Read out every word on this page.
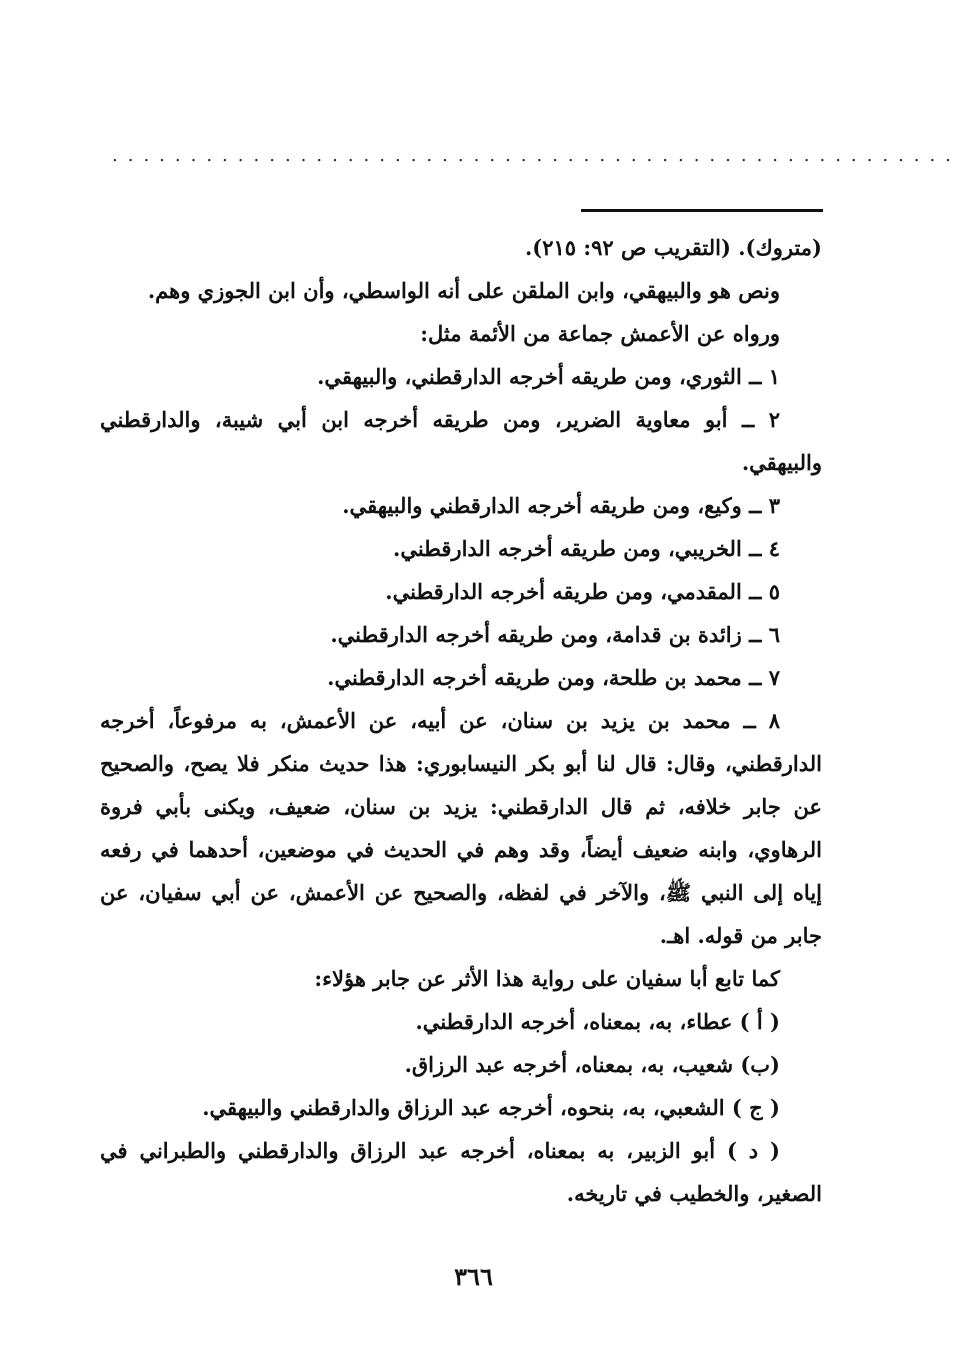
......................................................
(متروك). (التقريب ص ٩٢: ٢١٥).
ونص هو والبيهقي، وابن الملقن على أنه الواسطي، وأن ابن الجوزي وهم.
ورواه عن الأعمش جماعة من الأئمة مثل:
١ ــ الثوري، ومن طريقه أخرجه الدارقطني، والبيهقي.
٢ ــ أبو معاوية الضرير، ومن طريقه أخرجه ابن أبي شيبة، والدارقطني
والبيهقي.
٣ ــ وكيع، ومن طريقه أخرجه الدارقطني والبيهقي.
٤ ــ الخريبي، ومن طريقه أخرجه الدارقطني.
٥ ــ المقدمي، ومن طريقه أخرجه الدارقطني.
٦ ــ زائدة بن قدامة، ومن طريقه أخرجه الدارقطني.
٧ ــ محمد بن طلحة، ومن طريقه أخرجه الدارقطني.
٨ ــ محمد بن يزيد بن سنان، عن أبيه، عن الأعمش، به مرفوعاً، أخرجه
الدارقطني، وقال: قال لنا أبو بكر النيسابوري: هذا حديث منكر فلا يصح، والصحيح
عن جابر خلافه، ثم قال الدارقطني: يزيد بن سنان، ضعيف، ويكنى بأبي فروة
الرهاوي، وابنه ضعيف أيضاً، وقد وهم في الحديث في موضعين، أحدهما في رفعه
إياه إلى النبي ﷺ، والآخر في لفظه، والصحيح عن الأعمش، عن أبي سفيان، عن
جابر من قوله. اهـ.
كما تابع أبا سفيان على رواية هذا الأثر عن جابر هؤلاء:
( أ ) عطاء، به، بمعناه، أخرجه الدارقطني.
(ب) شعيب، به، بمعناه، أخرجه عبد الرزاق.
( ج ) الشعبي، به، بنحوه، أخرجه عبد الرزاق والدارقطني والبيهقي.
( د ) أبو الزبير، به بمعناه، أخرجه عبد الرزاق والدارقطني والطبراني في
الصغير، والخطيب في تاريخه.
٣٦٦
